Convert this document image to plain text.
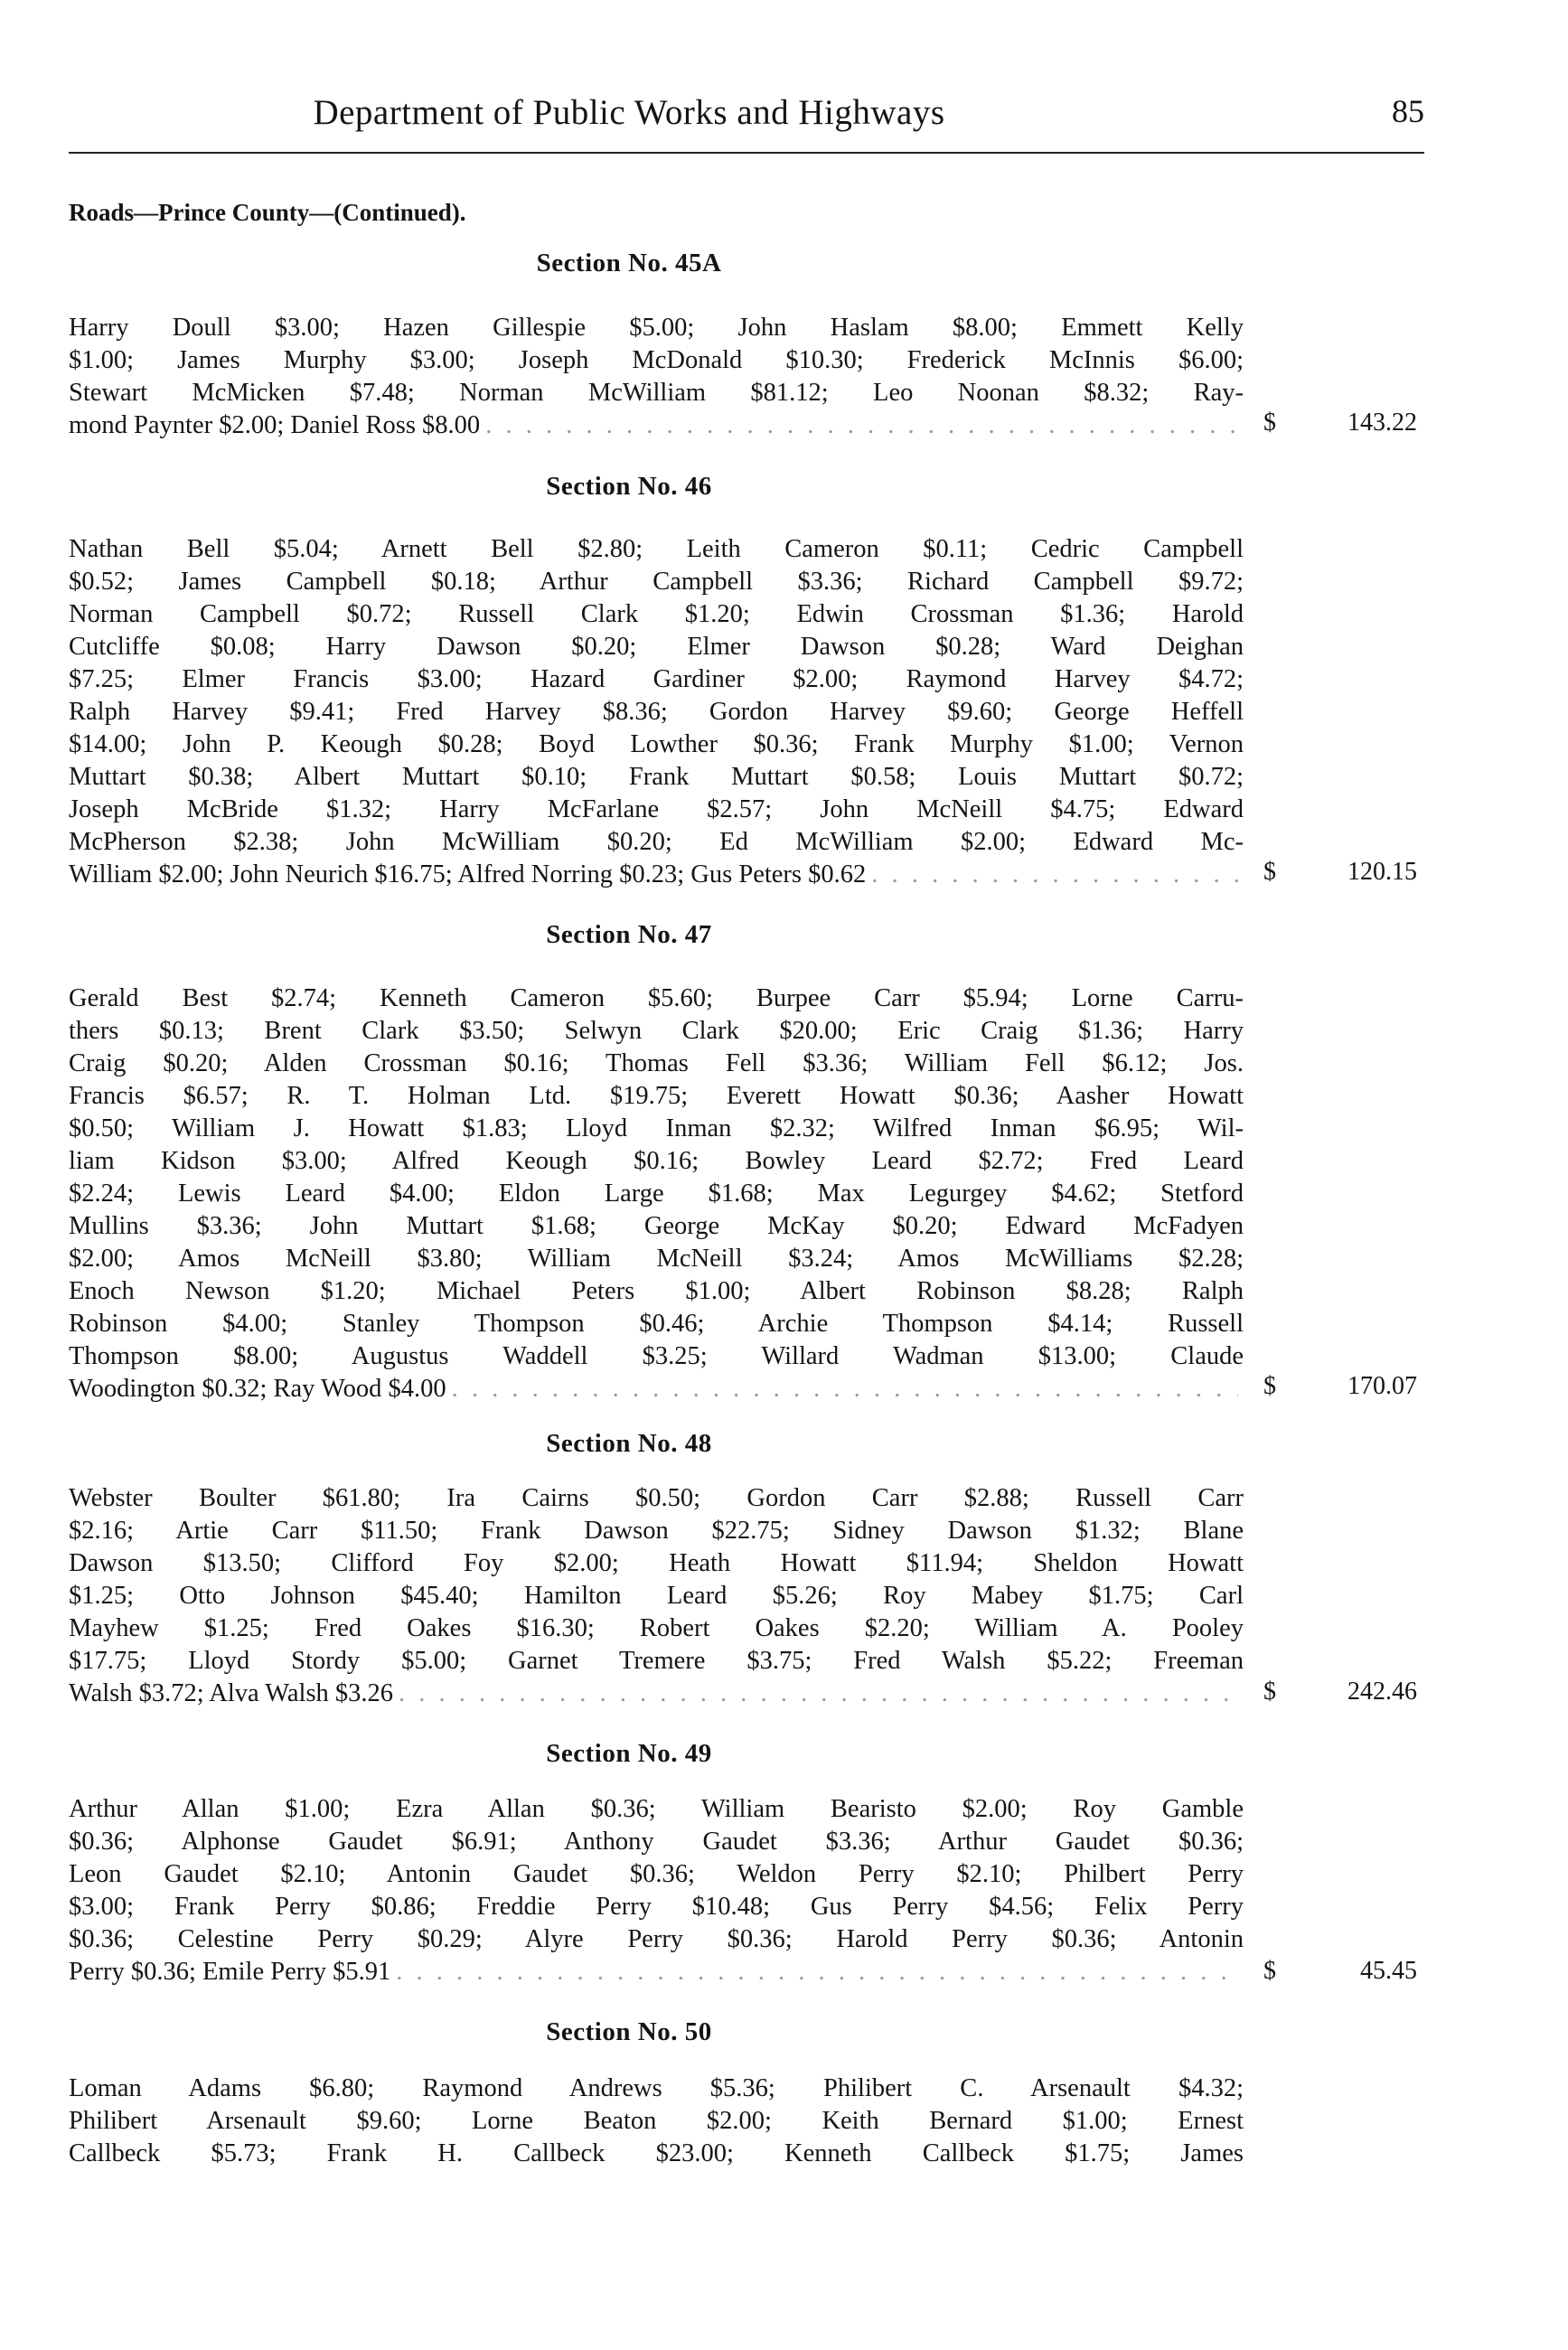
Department of Public Works and Highways	85
Roads—Prince County—(Continued).
Section No. 45A
Harry Doull $3.00; Hazen Gillespie $5.00; John Haslam $8.00; Emmett Kelly
$1.00; James Murphy $3.00; Joseph McDonald $10.30; Frederick McInnis $6.00;
Stewart McMicken $7.48; Norman McWilliam $81.12; Leo Noonan $8.32; Ray-
mond Paynter $2.00; Daniel Ross $8.00 . . .	$	143.22
Section No. 46
Nathan Bell $5.04; Arnett Bell $2.80; Leith Cameron $0.11; Cedric Campbell
$0.52; James Campbell $0.18; Arthur Campbell $3.36; Richard Campbell $9.72;
Norman Campbell $0.72; Russell Clark $1.20; Edwin Crossman $1.36; Harold
Cutcliffe $0.08; Harry Dawson $0.20; Elmer Dawson $0.28; Ward Deighan
$7.25; Elmer Francis $3.00; Hazard Gardiner $2.00; Raymond Harvey $4.72;
Ralph Harvey $9.41; Fred Harvey $8.36; Gordon Harvey $9.60; George Heffell
$14.00; John P. Keough $0.28; Boyd Lowther $0.36; Frank Murphy $1.00; Vernon
Muttart $0.38; Albert Muttart $0.10; Frank Muttart $0.58; Louis Muttart $0.72;
Joseph McBride $1.32; Harry McFarlane $2.57; John McNeill $4.75; Edward
McPherson $2.38; John McWilliam $0.20; Ed McWilliam $2.00; Edward Mc-
William $2.00; John Neurich $16.75; Alfred Norring $0.23; Gus Peters $0.62 . . .	$	120.15
Section No. 47
Gerald Best $2.74; Kenneth Cameron $5.60; Burpee Carr $5.94; Lorne Carru-
thers $0.13; Brent Clark $3.50; Selwyn Clark $20.00; Eric Craig $1.36; Harry
Craig $0.20; Alden Crossman $0.16; Thomas Fell $3.36; William Fell $6.12; Jos.
Francis $6.57; R. T. Holman Ltd. $19.75; Everett Howatt $0.36; Aasher Howatt
$0.50; William J. Howatt $1.83; Lloyd Inman $2.32; Wilfred Inman $6.95; Wil-
liam Kidson $3.00; Alfred Keough $0.16; Bowley Leard $2.72; Fred Leard
$2.24; Lewis Leard $4.00; Eldon Large $1.68; Max Legurgey $4.62; Stetford
Mullins $3.36; John Muttart $1.68; George McKay $0.20; Edward McFadyen
$2.00; Amos McNeill $3.80; William McNeill $3.24; Amos McWilliams $2.28;
Enoch Newson $1.20; Michael Peters $1.00; Albert Robinson $8.28; Ralph
Robinson $4.00; Stanley Thompson $0.46; Archie Thompson $4.14; Russell
Thompson $8.00; Augustus Waddell $3.25; Willard Wadman $13.00; Claude
Woodington $0.32; Ray Wood $4.00 . . .	$	170.07
Section No. 48
Webster Boulter $61.80; Ira Cairns $0.50; Gordon Carr $2.88; Russell Carr
$2.16; Artie Carr $11.50; Frank Dawson $22.75; Sidney Dawson $1.32; Blane
Dawson $13.50; Clifford Foy $2.00; Heath Howatt $11.94; Sheldon Howatt
$1.25; Otto Johnson $45.40; Hamilton Leard $5.26; Roy Mabey $1.75; Carl
Mayhew $1.25; Fred Oakes $16.30; Robert Oakes $2.20; William A. Pooley
$17.75; Lloyd Stordy $5.00; Garnet Tremere $3.75; Fred Walsh $5.22; Freeman
Walsh $3.72; Alva Walsh $3.26 . . .	$	242.46
Section No. 49
Arthur Allan $1.00; Ezra Allan $0.36; William Bearisto $2.00; Roy Gamble
$0.36; Alphonse Gaudet $6.91; Anthony Gaudet $3.36; Arthur Gaudet $0.36;
Leon Gaudet $2.10; Antonin Gaudet $0.36; Weldon Perry $2.10; Philbert Perry
$3.00; Frank Perry $0.86; Freddie Perry $10.48; Gus Perry $4.56; Felix Perry
$0.36; Celestine Perry $0.29; Alyre Perry $0.36; Harold Perry $0.36; Antonin
Perry $0.36; Emile Perry $5.91 . . .	$	45.45
Section No. 50
Loman Adams $6.80; Raymond Andrews $5.36; Philibert C. Arsenault $4.32;
Philibert Arsenault $9.60; Lorne Beaton $2.00; Keith Bernard $1.00; Ernest
Callbeck $5.73; Frank H. Callbeck $23.00; Kenneth Callbeck $1.75; James
